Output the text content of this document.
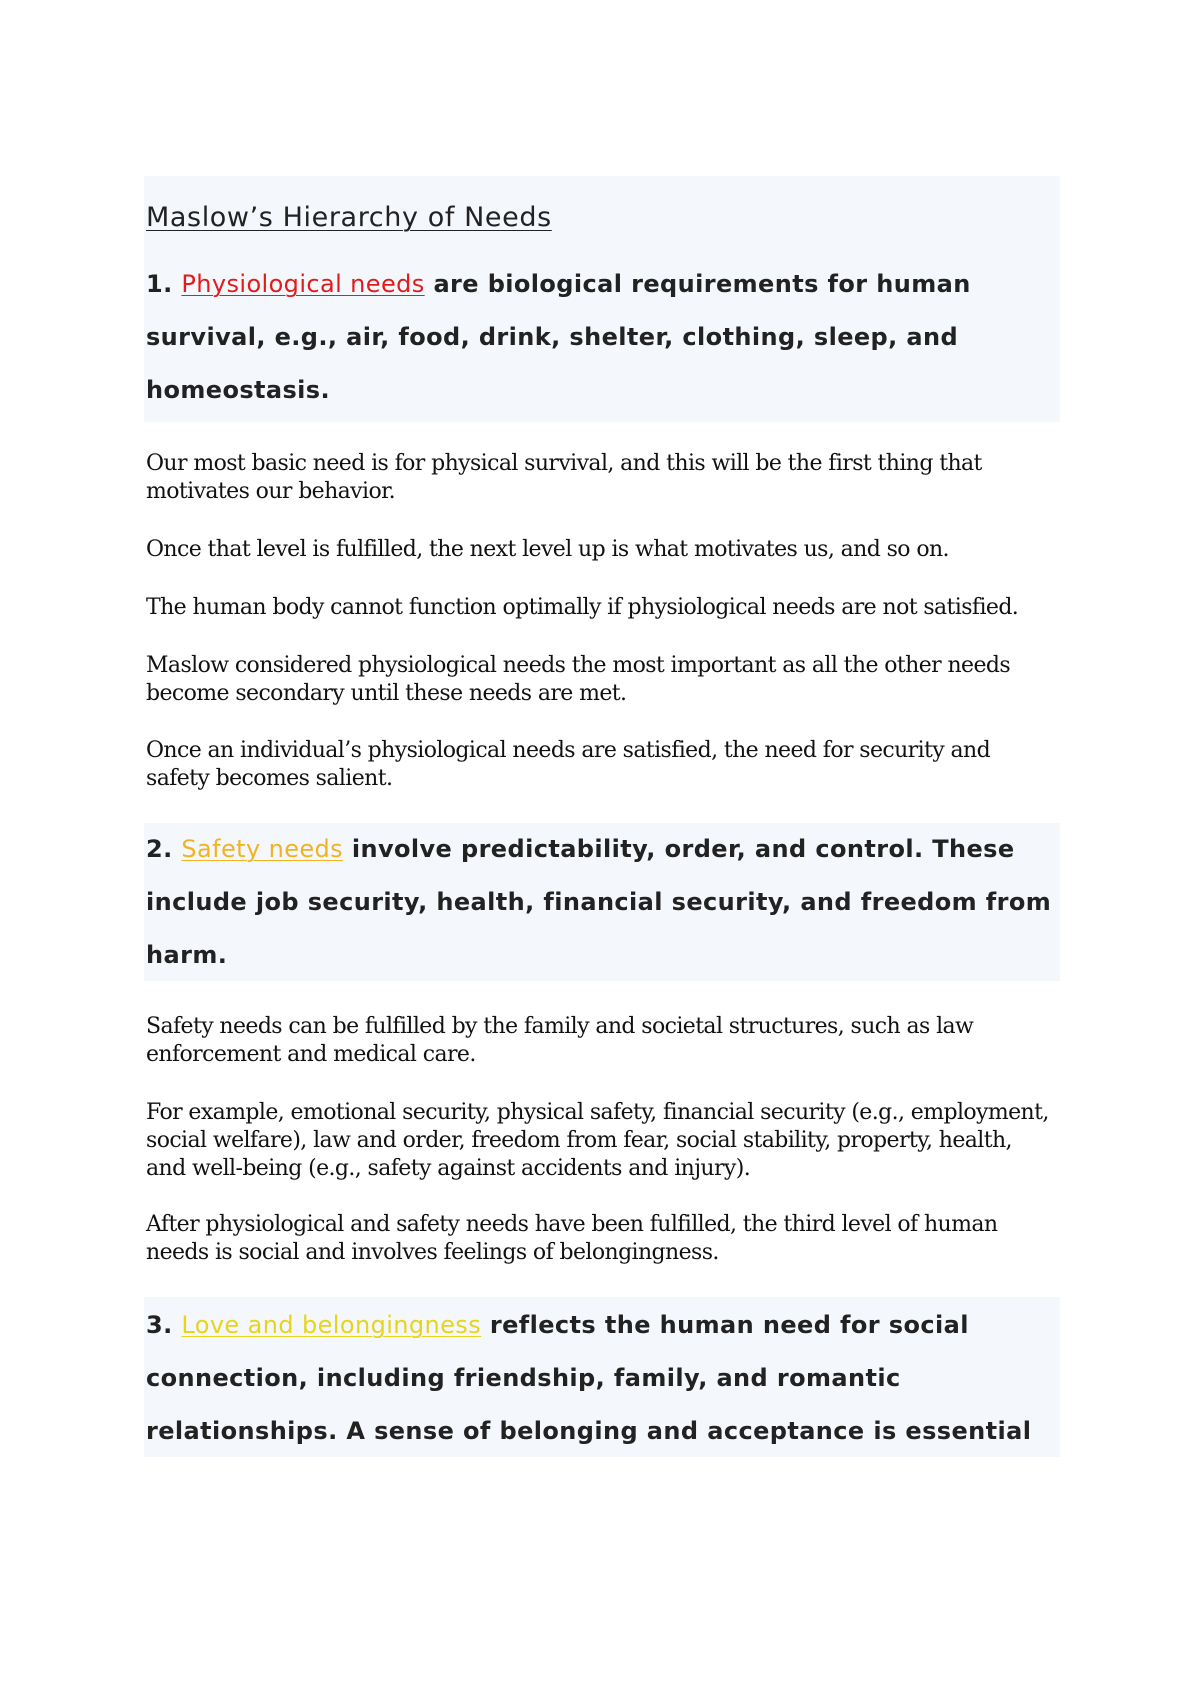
Maslow’s Hierarchy of Needs
1. Physiological needs are biological requirements for human
survival, e.g., air, food, drink, shelter, clothing, sleep, and
homeostasis.

Our most basic need is for physical survival, and this will be the first thing that motivates our behavior.

Once that level is fulfilled, the next level up is what motivates us, and so on.

The human body cannot function optimally if physiological needs are not satisfied.

Maslow considered physiological needs the most important as all the other needs become secondary until these needs are met.

Once an individual’s physiological needs are satisfied, the need for security and safety becomes salient.

2. Safety needs involve predictability, order, and control. These
include job security, health, financial security, and freedom from
harm.

Safety needs can be fulfilled by the family and societal structures, such as law enforcement and medical care.

For example, emotional security, physical safety, financial security (e.g., employment, social welfare), law and order, freedom from fear, social stability, property, health, and well-being (e.g., safety against accidents and injury).

After physiological and safety needs have been fulfilled, the third level of human needs is social and involves feelings of belongingness.

3. Love and belongingness reflects the human need for social
connection, including friendship, family, and romantic
relationships. A sense of belonging and acceptance is essential
